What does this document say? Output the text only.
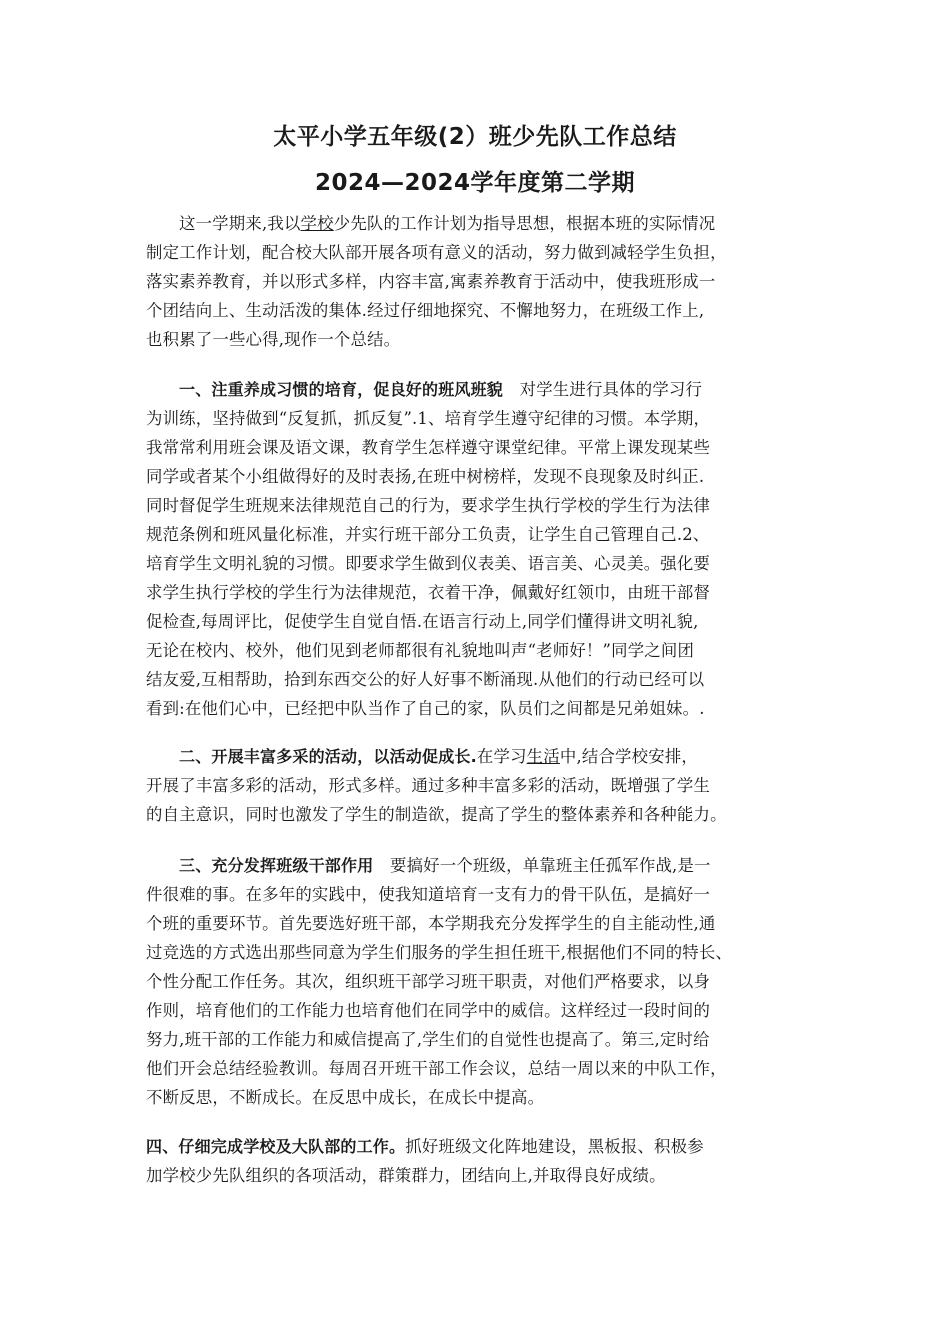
太平小学五年级(2）班少先队工作总结
2024—2024学年度第二学期
这一学期来,我以学校少先队的工作计划为指导思想，根据本班的实际情况
制定工作计划，配合校大队部开展各项有意义的活动，努力做到减轻学生负担，
落实素养教育，并以形式多样，内容丰富,寓素养教育于活动中，使我班形成一
个团结向上、生动活泼的集体.经过仔细地探究、不懈地努力，在班级工作上,
也积累了一些心得,现作一个总结。
一、注重养成习惯的培育，促良好的班风班貌　对学生进行具体的学习行
为训练，坚持做到“反复抓，抓反复”.1、培育学生遵守纪律的习惯。本学期，
我常常利用班会课及语文课，教育学生怎样遵守课堂纪律。平常上课发现某些
同学或者某个小组做得好的及时表扬,在班中树榜样，发现不良现象及时纠正.
同时督促学生班规来法律规范自己的行为，要求学生执行学校的学生行为法律
规范条例和班风量化标准，并实行班干部分工负责，让学生自己管理自己.2、
培育学生文明礼貌的习惯。即要求学生做到仪表美、语言美、心灵美。强化要
求学生执行学校的学生行为法律规范，衣着干净，佩戴好红领巾，由班干部督
促检查,每周评比，促使学生自觉自悟.在语言行动上,同学们懂得讲文明礼貌,
无论在校内、校外，他们见到老师都很有礼貌地叫声“老师好！”同学之间团
结友爱,互相帮助，拾到东西交公的好人好事不断涌现.从他们的行动已经可以
看到:在他们心中，已经把中队当作了自己的家，队员们之间都是兄弟姐妹。.
二、开展丰富多采的活动，以活动促成长.在学习生活中,结合学校安排，
开展了丰富多彩的活动，形式多样。通过多种丰富多彩的活动，既增强了学生
的自主意识，同时也激发了学生的制造欲，提高了学生的整体素养和各种能力。
三、充分发挥班级干部作用　要搞好一个班级，单靠班主任孤军作战,是一
件很难的事。在多年的实践中，使我知道培育一支有力的骨干队伍，是搞好一
个班的重要环节。首先要选好班干部，本学期我充分发挥学生的自主能动性,通
过竞选的方式选出那些同意为学生们服务的学生担任班干,根据他们不同的特长、
个性分配工作任务。其次，组织班干部学习班干职责，对他们严格要求，以身
作则，培育他们的工作能力也培育他们在同学中的威信。这样经过一段时间的
努力,班干部的工作能力和威信提高了,学生们的自觉性也提高了。第三,定时给
他们开会总结经验教训。每周召开班干部工作会议，总结一周以来的中队工作，
不断反思，不断成长。在反思中成长，在成长中提高。
四、仔细完成学校及大队部的工作。抓好班级文化阵地建设，黑板报、积极参
加学校少先队组织的各项活动，群策群力，团结向上,并取得良好成绩。
